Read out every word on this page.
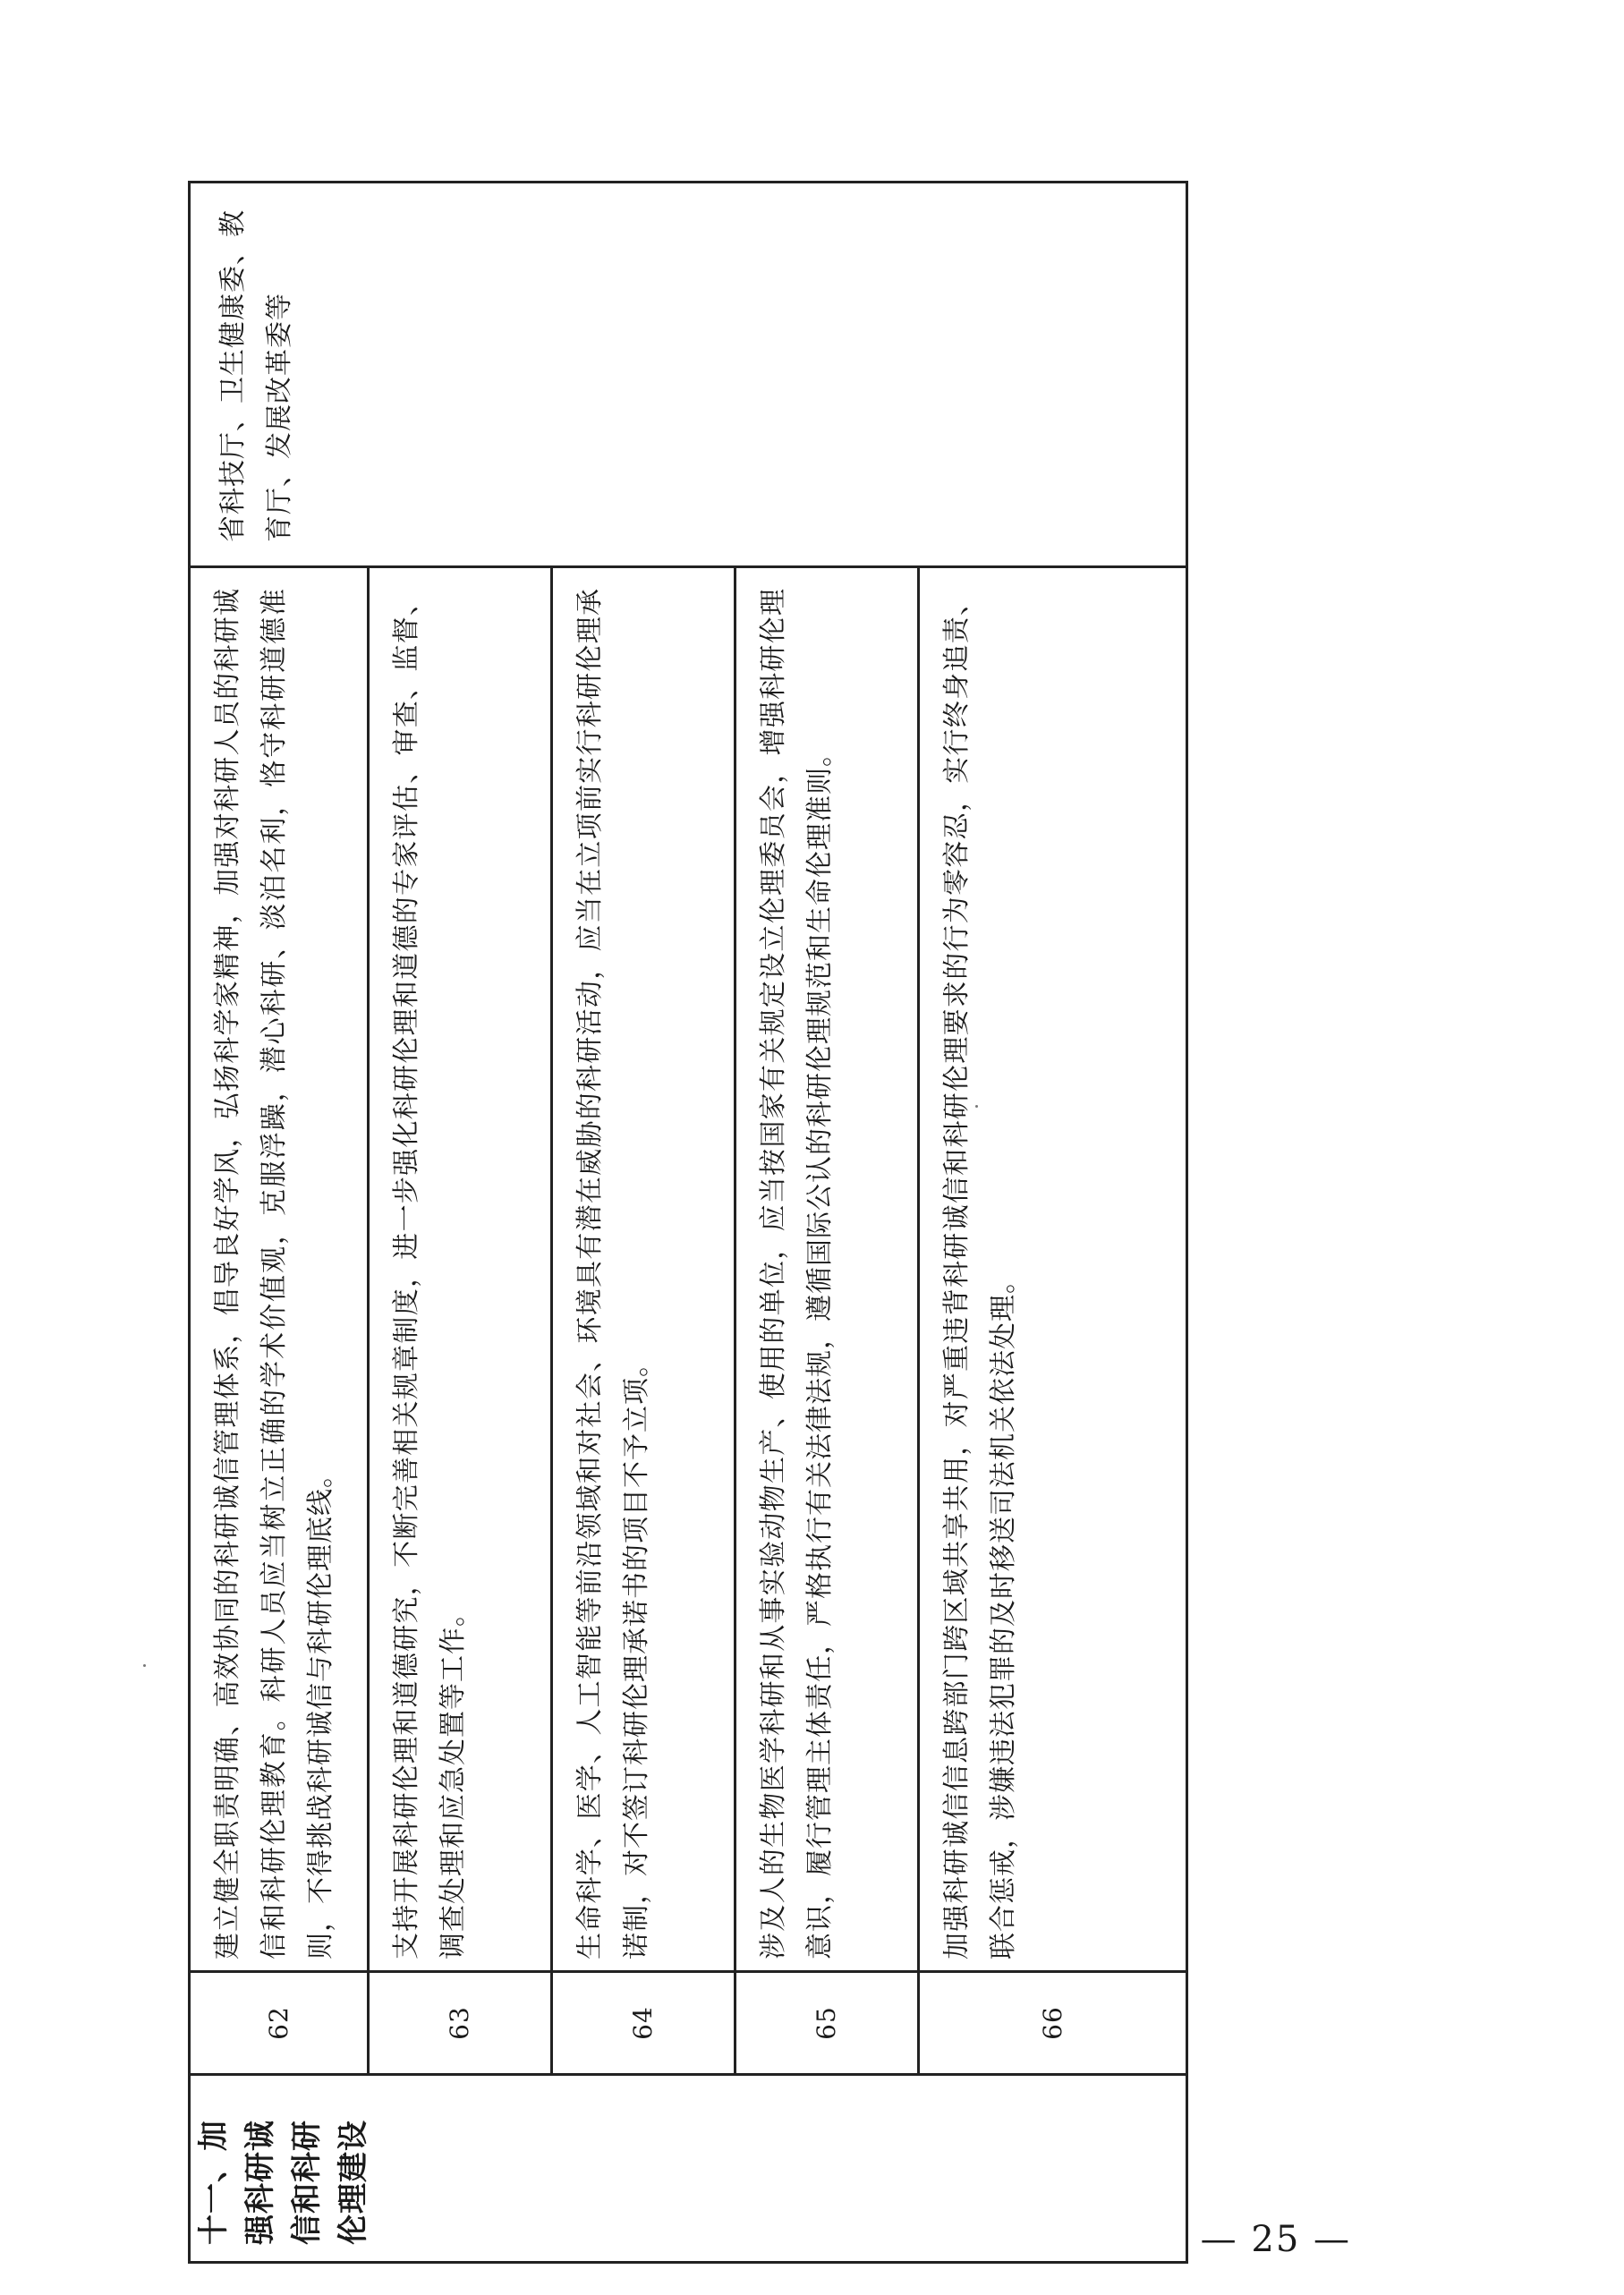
十一、加强科研诚信和科研伦理建设	62	建立健全职责明确、高效协同的科研诚信管理体系，倡导良好学风，弘扬科学家精神，加强对科研人员的科研诚信和科研伦理教育。科研人员应当树立正确的学术价值观，克服浮躁，潜心科研、淡泊名利，恪守科研道德准则，不得挑战科研诚信与科研伦理底线。	省科技厅、卫生健康委、教育厅、发展改革委等
	63	支持开展科研伦理和道德研究，不断完善相关规章制度，进一步强化科研伦理和道德的专家评估、审查、监督、调查处理和应急处置等工作。	
	64	生命科学、医学、人工智能等前沿领域和对社会、环境具有潜在威胁的科研活动，应当在立项前实行科研伦理承诺制，对不签订科研伦理承诺书的项目不予立项。	
	65	涉及人的生物医学科研和从事实验动物生产、使用的单位，应当按国家有关规定设立伦理委员会，增强科研伦理意识，履行管理主体责任，严格执行有关法律法规，遵循国际公认的科研伦理规范和生命伦理准则。	
	66	加强科研诚信信息跨部门跨区域共享共用，对严重违背科研诚信和科研伦理要求的行为零容忍，实行终身追责、联合惩戒，涉嫌违法犯罪的及时移送司法机关依法处理。	
— 25 —
